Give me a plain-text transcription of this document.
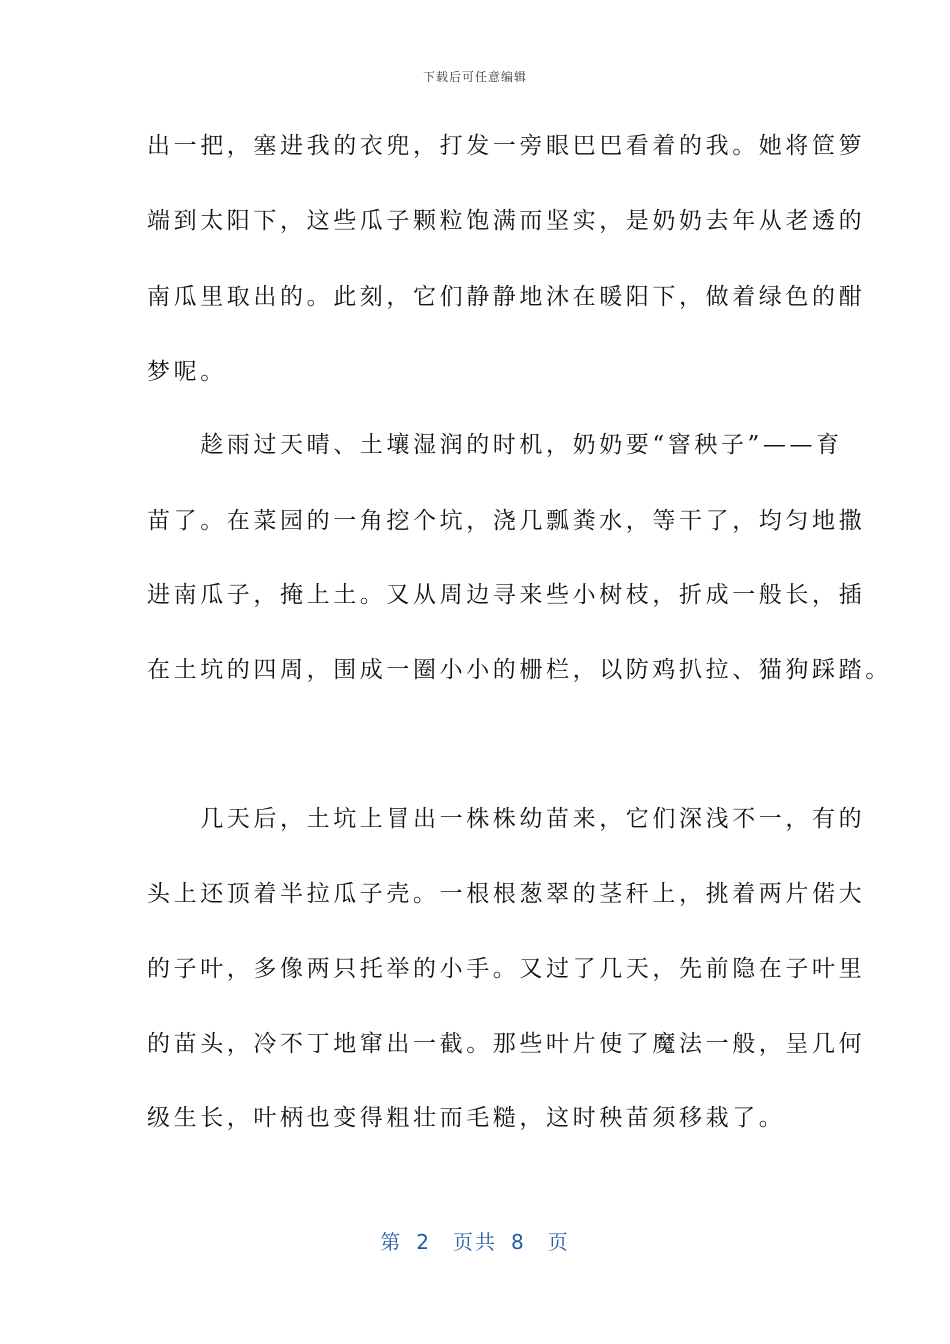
下载后可任意编辑
出一把，塞进我的衣兜，打发一旁眼巴巴看着的我。她将笸箩
端到太阳下，这些瓜子颗粒饱满而坚实，是奶奶去年从老透的
南瓜里取出的。此刻，它们静静地沐在暖阳下，做着绿色的酣
梦呢。
　　趁雨过天晴、土壤湿润的时机，奶奶要“窨秧子”——育
苗了。在菜园的一角挖个坑，浇几瓢粪水，等干了，均匀地撒
进南瓜子，掩上土。又从周边寻来些小树枝，折成一般长，插
在土坑的四周，围成一圈小小的栅栏，以防鸡扒拉、猫狗踩踏。
　　几天后，土坑上冒出一株株幼苗来，它们深浅不一，有的
头上还顶着半拉瓜子壳。一根根葱翠的茎秆上，挑着两片偌大
的子叶，多像两只托举的小手。又过了几天，先前隐在子叶里
的苗头，冷不丁地窜出一截。那些叶片使了魔法一般，呈几何
级生长，叶柄也变得粗壮而毛糙，这时秧苗须移栽了。
第 2 页共 8 页
